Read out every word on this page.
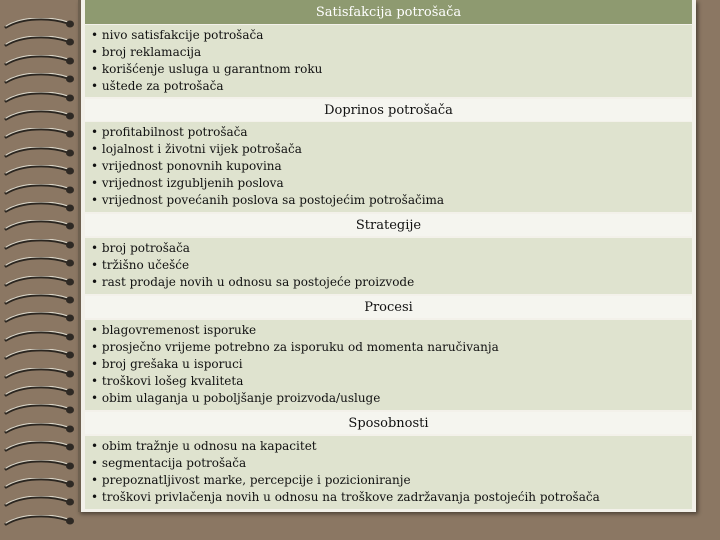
Satisfakcija potrošača
• nivo satisfakcije potrošača
• broj reklamacija
• korišćenje usluga u garantnom roku
• uštede za potrošača
Doprinos potrošača
• profitabilnost potrošača
• lojalnost i životni vijek potrošača
• vrijednost ponovnih kupovina
• vrijednost izgubljenih poslova
• vrijednost povećanih poslova sa postojećim potrošačima
Strategije
• broj potrošača
• tržišno učešće
• rast prodaje novih u odnosu sa postojeće proizvode
Procesi
• blagovremenost isporuke
• prosječno vrijeme potrebno za isporuku od momenta naručivanja
• broj grešaka u isporuci
• troškovi lošeg kvaliteta
• obim ulaganja u poboljšanje proizvoda/usluge
Sposobnosti
• obim tražnje u odnosu na kapacitet
• segmentacija potrošača
• prepoznatljivost marke, percepcije i pozicioniranje
• troškovi privlačenja novih u odnosu na troškove zadržavanja postojećih potrošača
